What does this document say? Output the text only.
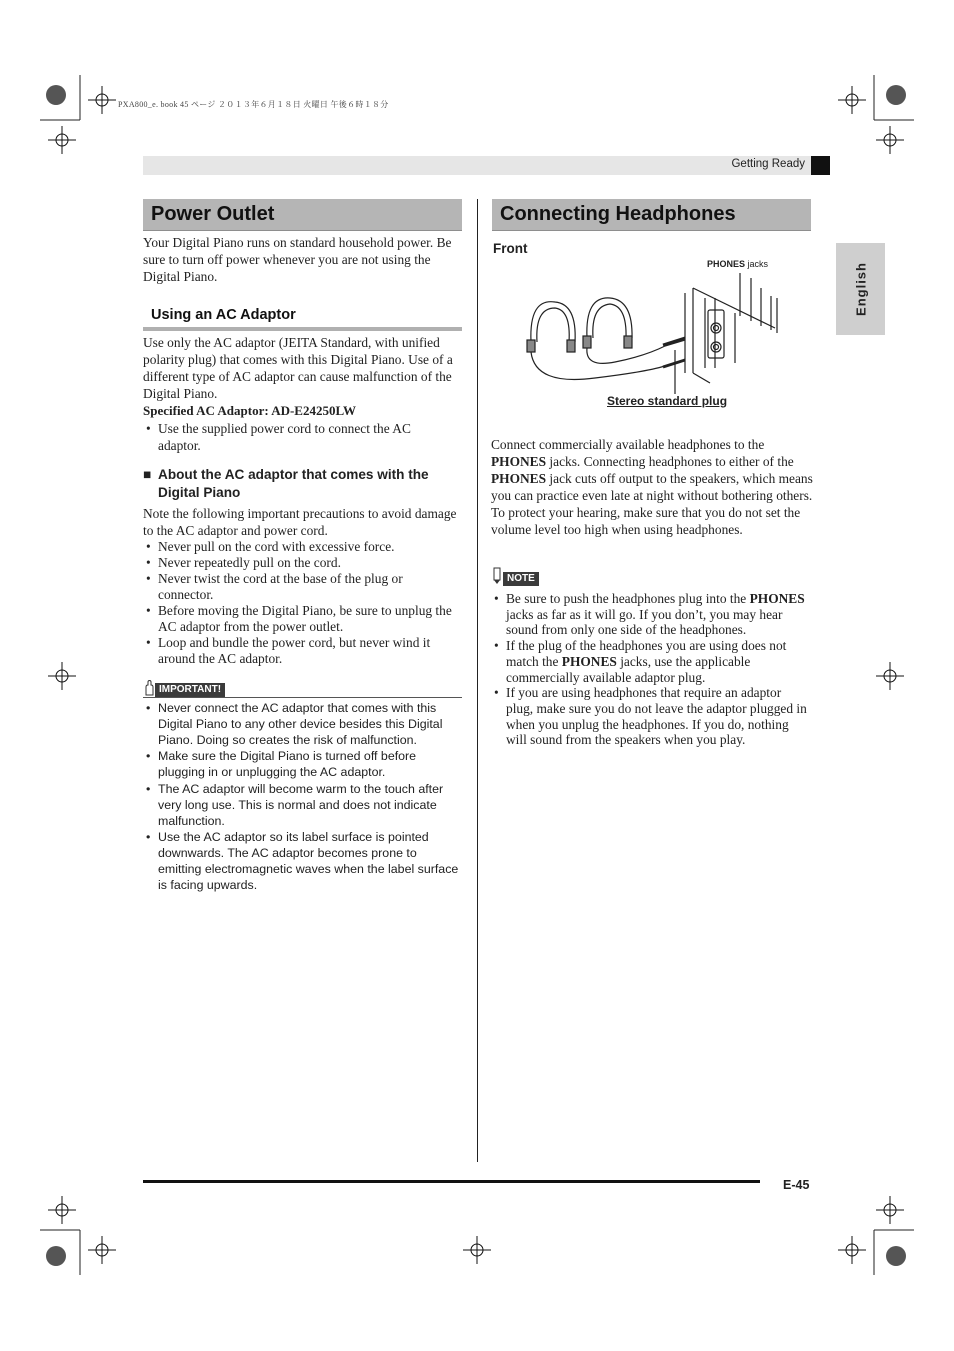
PXA800_e. book 45 ページ ２０１３年６月１８日 火曜日 午後６時１８分
Getting Ready
English
Power Outlet
Your Digital Piano runs on standard household power. Be sure to turn off power whenever you are not using the Digital Piano.
Using an AC Adaptor
Use only the AC adaptor (JEITA Standard, with unified polarity plug) that comes with this Digital Piano. Use of a different type of AC adaptor can cause malfunction of the Digital Piano.
Specified AC Adaptor: AD-E24250LW
• Use the supplied power cord to connect the AC adaptor.
■ About the AC adaptor that comes with the Digital Piano
Note the following important precautions to avoid damage to the AC adaptor and power cord.
• Never pull on the cord with excessive force.
• Never repeatedly pull on the cord.
• Never twist the cord at the base of the plug or connector.
• Before moving the Digital Piano, be sure to unplug the AC adaptor from the power outlet.
• Loop and bundle the power cord, but never wind it around the AC adaptor.
IMPORTANT!
• Never connect the AC adaptor that comes with this Digital Piano to any other device besides this Digital Piano. Doing so creates the risk of malfunction.
• Make sure the Digital Piano is turned off before plugging in or unplugging the AC adaptor.
• The AC adaptor will become warm to the touch after very long use. This is normal and does not indicate malfunction.
• Use the AC adaptor so its label surface is pointed downwards. The AC adaptor becomes prone to emitting electromagnetic waves when the label surface is facing upwards.
Connecting Headphones
Front
PHONES jacks
Stereo standard plug
Connect commercially available headphones to the PHONES jacks. Connecting headphones to either of the PHONES jack cuts off output to the speakers, which means you can practice even late at night without bothering others. To protect your hearing, make sure that you do not set the volume level too high when using headphones.
NOTE
• Be sure to push the headphones plug into the PHONES jacks as far as it will go. If you don’t, you may hear sound from only one side of the headphones.
• If the plug of the headphones you are using does not match the PHONES jacks, use the applicable commercially available adaptor plug.
• If you are using headphones that require an adaptor plug, make sure you do not leave the adaptor plugged in when you unplug the headphones. If you do, nothing will sound from the speakers when you play.
E-45
